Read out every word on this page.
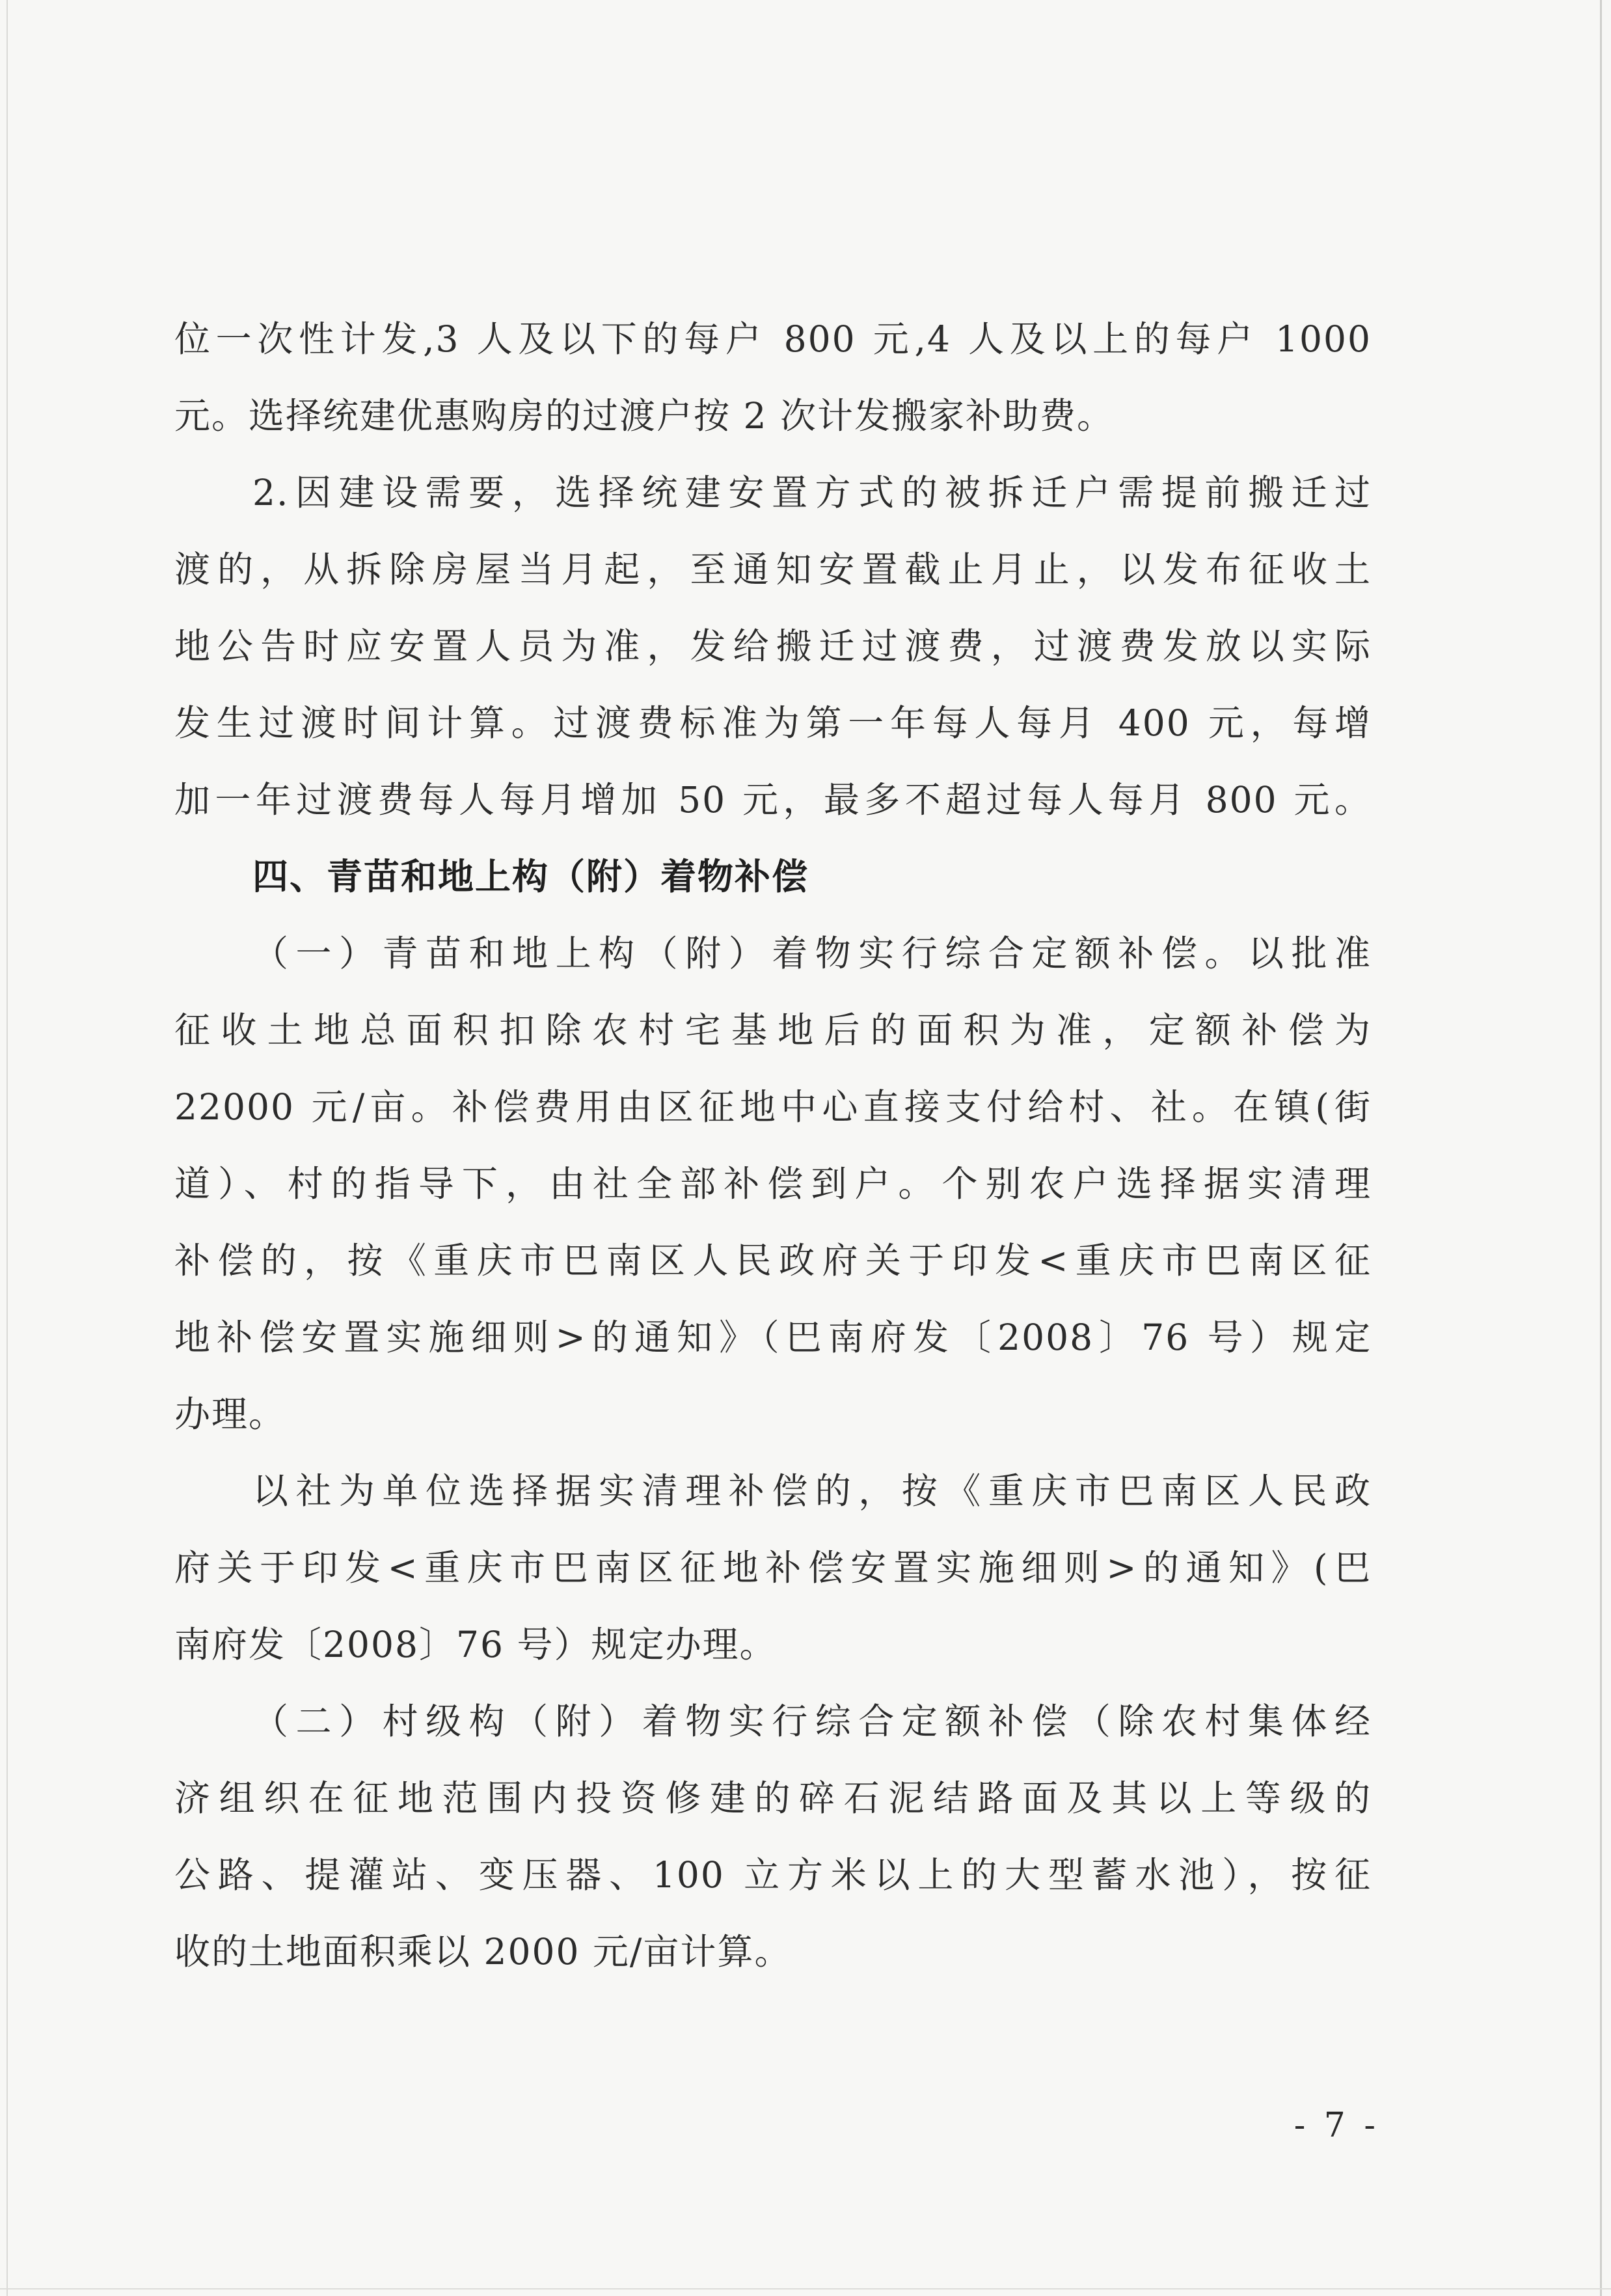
位一次性计发,3 人及以下的每户 800 元,4 人及以上的每户 1000
元。选择统建优惠购房的过渡户按 2 次计发搬家补助费。
2.因建设需要，选择统建安置方式的被拆迁户需提前搬迁过
渡的，从拆除房屋当月起，至通知安置截止月止，以发布征收土
地公告时应安置人员为准，发给搬迁过渡费，过渡费发放以实际
发生过渡时间计算。过渡费标准为第一年每人每月 400 元，每增
加一年过渡费每人每月增加 50 元，最多不超过每人每月 800 元。
四、青苗和地上构（附）着物补偿
（一）青苗和地上构（附）着物实行综合定额补偿。以批准
征收土地总面积扣除农村宅基地后的面积为准，定额补偿为
22000 元/亩。补偿费用由区征地中心直接支付给村、社。在镇(街
道）、村的指导下，由社全部补偿到户。个别农户选择据实清理
补偿的，按《重庆市巴南区人民政府关于印发<重庆市巴南区征
地补偿安置实施细则>的通知》（巴南府发〔2008〕76 号）规定
办理。
以社为单位选择据实清理补偿的，按《重庆市巴南区人民政
府关于印发<重庆市巴南区征地补偿安置实施细则>的通知》(巴
南府发〔2008〕76 号）规定办理。
（二）村级构（附）着物实行综合定额补偿（除农村集体经
济组织在征地范围内投资修建的碎石泥结路面及其以上等级的
公路、提灌站、变压器、100 立方米以上的大型蓄水池），按征
收的土地面积乘以 2000 元/亩计算。
- 7 -
